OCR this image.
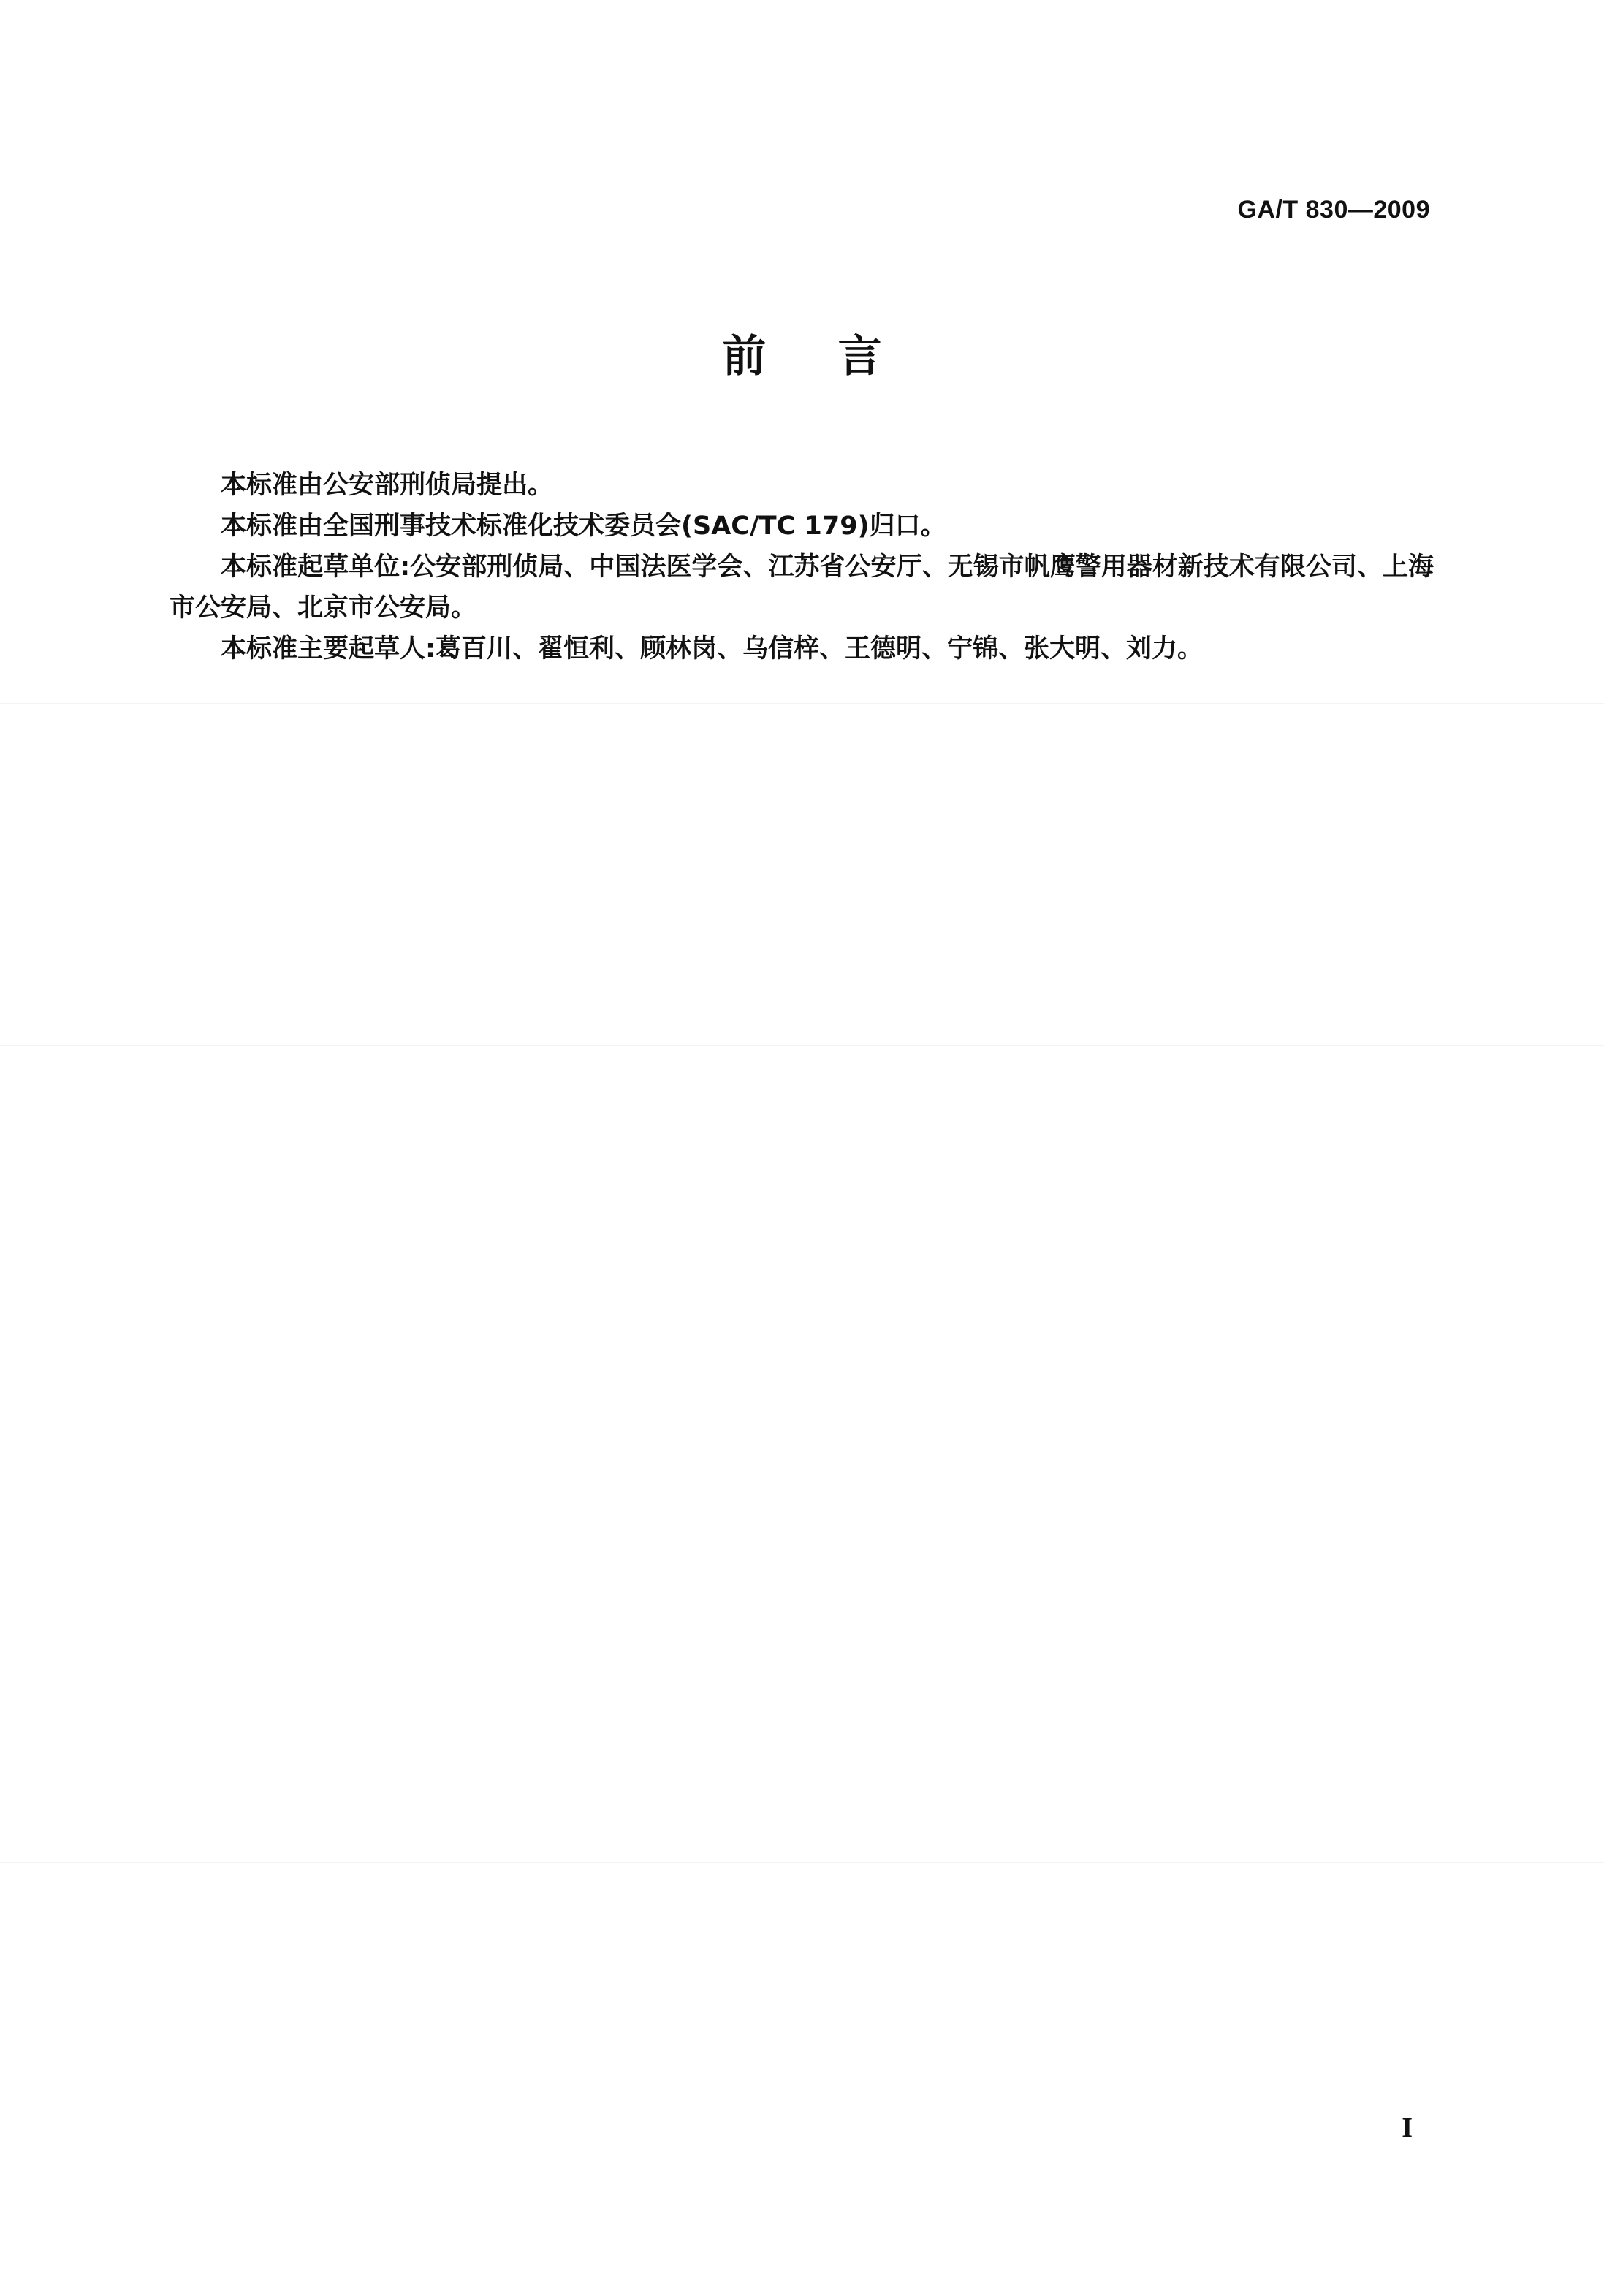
GA/T 830—2009
前言

本标准由公安部刑侦局提出。

本标准由全国刑事技术标准化技术委员会(SAC/TC 179)归口。

本标准起草单位:公安部刑侦局、中国法医学会、江苏省公安厅、无锡市帆鹰警用器材新技术有限公司、上海市公安局、北京市公安局。

本标准主要起草人:葛百川、翟恒利、顾林岗、乌信梓、王德明、宁锦、张大明、刘力。

I
